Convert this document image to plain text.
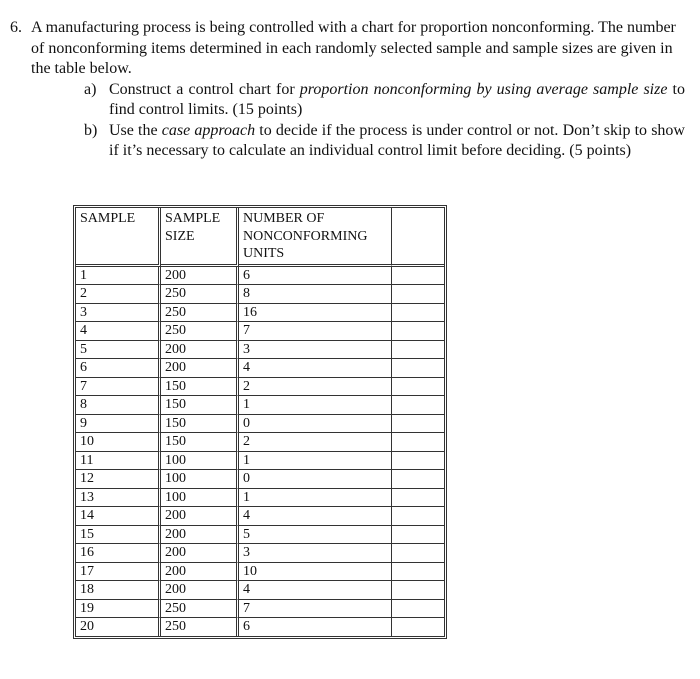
6. A manufacturing process is being controlled with a chart for proportion nonconforming. The number of nonconforming items determined in each randomly selected sample and sample sizes are given in the table below.
a) Construct a control chart for proportion nonconforming by using average sample size to find control limits. (15 points)
b) Use the case approach to decide if the process is under control or not. Don’t skip to show if it’s necessary to calculate an individual control limit before deciding. (5 points)
SAMPLE	SAMPLE SIZE	NUMBER OF NONCONFORMING UNITS	
1	200	6	
2	250	8	
3	250	16	
4	250	7	
5	200	3	
6	200	4	
7	150	2	
8	150	1	
9	150	0	
10	150	2	
11	100	1	
12	100	0	
13	100	1	
14	200	4	
15	200	5	
16	200	3	
17	200	10	
18	200	4	
19	250	7	
20	250	6	
